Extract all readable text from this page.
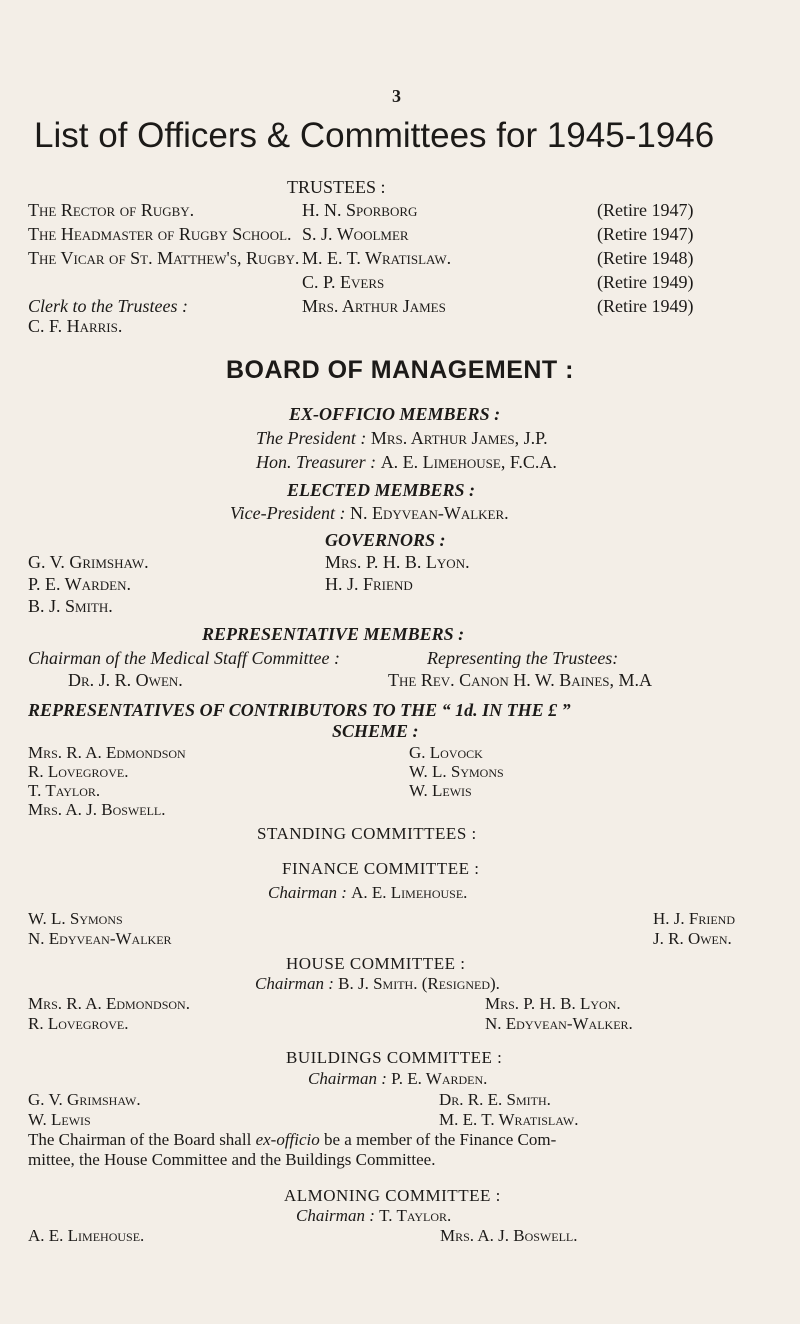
3
List of Officers & Committees for 1945-1946
TRUSTEES :
The Rector of Rugby.
The Headmaster of Rugby School.
The Vicar of St. Matthew's, Rugby.
H. N. Sporborg
S. J. Woolmer
M. E. T. Wratislaw.
C. P. Evers
Mrs. Arthur James
(Retire 1947)
(Retire 1947)
(Retire 1948)
(Retire 1949)
(Retire 1949)
Clerk to the Trustees :
C. F. Harris.
BOARD OF MANAGEMENT :
EX-OFFICIO MEMBERS :
The President : Mrs. Arthur James, J.P.
Hon. Treasurer : A. E. Limehouse, F.C.A.
ELECTED MEMBERS :
Vice-President : N. Edyvean-Walker.
GOVERNORS :
G. V. Grimshaw.
P. E. Warden.
B. J. Smith.
Mrs. P. H. B. Lyon.
H. J. Friend
REPRESENTATIVE MEMBERS :
Chairman of the Medical Staff Committee :
Dr. J. R. Owen.
Representing the Trustees:
The Rev. Canon H. W. Baines, M.A
REPRESENTATIVES OF CONTRIBUTORS TO THE “ 1d. IN THE £ ”
SCHEME :
Mrs. R. A. Edmondson
R. Lovegrove.
T. Taylor.
Mrs. A. J. Boswell.
G. Lovock
W. L. Symons
W. Lewis
STANDING COMMITTEES :
FINANCE COMMITTEE :
Chairman : A. E. Limehouse.
W. L. Symons
N. Edyvean-Walker
H. J. Friend
J. R. Owen.
HOUSE COMMITTEE :
Chairman : B. J. Smith. (Resigned).
Mrs. R. A. Edmondson.
R. Lovegrove.
Mrs. P. H. B. Lyon.
N. Edyvean-Walker.
BUILDINGS COMMITTEE :
Chairman : P. E. Warden.
G. V. Grimshaw.
W. Lewis
Dr. R. E. Smith.
M. E. T. Wratislaw.
The Chairman of the Board shall ex-officio be a member of the Finance Com-
mittee, the House Committee and the Buildings Committee.
ALMONING COMMITTEE :
Chairman : T. Taylor.
A. E. Limehouse.	Mrs. A. J. Boswell.
